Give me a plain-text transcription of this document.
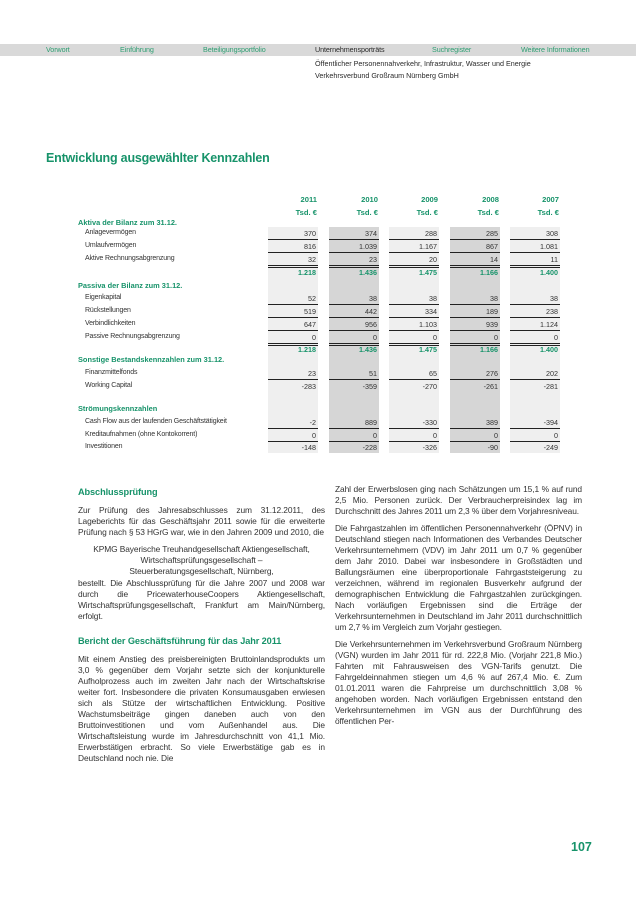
Vorwort	Einführung	Beteiligungsportfolio	Unternehmensporträts	Suchregister	Weitere Informationen
Öffentlicher Personennahverkehr, Infrastruktur, Wasser und Energie
Verkehrsverbund Großraum Nürnberg GmbH
Entwicklung ausgewählter Kennzahlen
2011	2010	2009	2008	2007
Tsd. €	Tsd. €	Tsd. €	Tsd. €	Tsd. €
Aktiva der Bilanz zum 31.12.
Passiva der Bilanz zum 31.12.
Sonstige Bestandskennzahlen zum 31.12.
Strömungskennzahlen
Anlagevermögen	370	374	288	285	308
Umlaufvermögen	816	1.039	1.167	867	1.081
Aktive Rechnungsabgrenzung	32	23	20	14	11
1.218	1.436	1.475	1.166	1.400
Eigenkapital	52	38	38	38	38
Rückstellungen	519	442	334	189	238
Verbindlichkeiten	647	956	1.103	939	1.124
Passive Rechnungsabgrenzung	0	0	0	0	0
1.218	1.436	1.475	1.166	1.400
Finanzmittelfonds	23	51	65	276	202
Working Capital	-283	-359	-270	-261	-281
Cash Flow aus der laufenden Geschäftstätigkeit	-2	889	-330	389	-394
Kreditaufnahmen (ohne Kontokorrent)	0	0	0	0	0
Investitionen	-148	-228	-326	-90	-249
Abschlussprüfung

Zur Prüfung des Jahresabschlusses zum 31.12.2011, des Lageberichts für das Geschäftsjahr 2011 sowie für die erweiterte Prüfung nach § 53 HGrG war, wie in den Jahren 2009 und 2010, die

KPMG Bayerische Treuhandgesellschaft Aktiengesellschaft, Wirtschaftsprüfungsgesellschaft – Steuerberatungsgesellschaft, Nürnberg,

bestellt. Die Abschlussprüfung für die Jahre 2007 und 2008 war durch die PricewaterhouseCoopers Aktiengesellschaft, Wirtschaftsprüfungsgesellschaft, Frankfurt am Main/Nürnberg, erfolgt.

Bericht der Geschäftsführung für das Jahr 2011

Mit einem Anstieg des preisbereinigten Bruttoinlandsprodukts um 3,0 % gegenüber dem Vorjahr setzte sich der konjunkturelle Aufholprozess auch im zweiten Jahr nach der Wirtschaftskrise weiter fort. Insbesondere die privaten Konsumausgaben erwiesen sich als Stütze der wirtschaftlichen Entwicklung. Positive Wachstumsbeiträge gingen daneben auch von den Bruttoinvestitionen und vom Außenhandel aus. Die Wirtschaftsleistung wurde im Jahresdurchschnitt von 41,1 Mio. Erwerbstätigen erbracht. So viele Erwerbstätige gab es in Deutschland noch nie. Die

Zahl der Erwerbslosen ging nach Schätzungen um 15,1 % auf rund 2,5 Mio. Personen zurück. Der Verbraucherpreisindex lag im Durchschnitt des Jahres 2011 um 2,3 % über dem Vorjahresniveau.

Die Fahrgastzahlen im öffentlichen Personennahverkehr (ÖPNV) in Deutschland stiegen nach Informationen des Verbandes Deutscher Verkehrsunternehmern (VDV) im Jahr 2011 um 0,7 % gegenüber dem Jahr 2010. Dabei war insbesondere in Großstädten und Ballungsräumen eine überproportionale Fahrgaststeigerung zu verzeichnen, während im regionalen Busverkehr aufgrund der demographischen Entwicklung die Fahrgastzahlen zurückgingen. Nach vorläufigen Ergebnissen sind die Erträge der Verkehrsunternehmen in Deutschland im Jahr 2011 durchschnittlich um 2,7 % im Vergleich zum Vorjahr gestiegen.

Die Verkehrsunternehmen im Verkehrsverbund Großraum Nürnberg (VGN) wurden im Jahr 2011 für rd. 222,8 Mio. (Vorjahr 221,8 Mio.) Fahrten mit Fahrausweisen des VGN-Tarifs genutzt. Die Fahrgeldeinnahmen stiegen um 4,6 % auf 267,4 Mio. €. Zum 01.01.2011 waren die Fahrpreise um durchschnittlich 3,08 % angehoben worden. Nach vorläufigen Ergebnissen entstand den Verkehrsunternehmen im VGN aus der Durchführung des öffentlichen Per-

107
